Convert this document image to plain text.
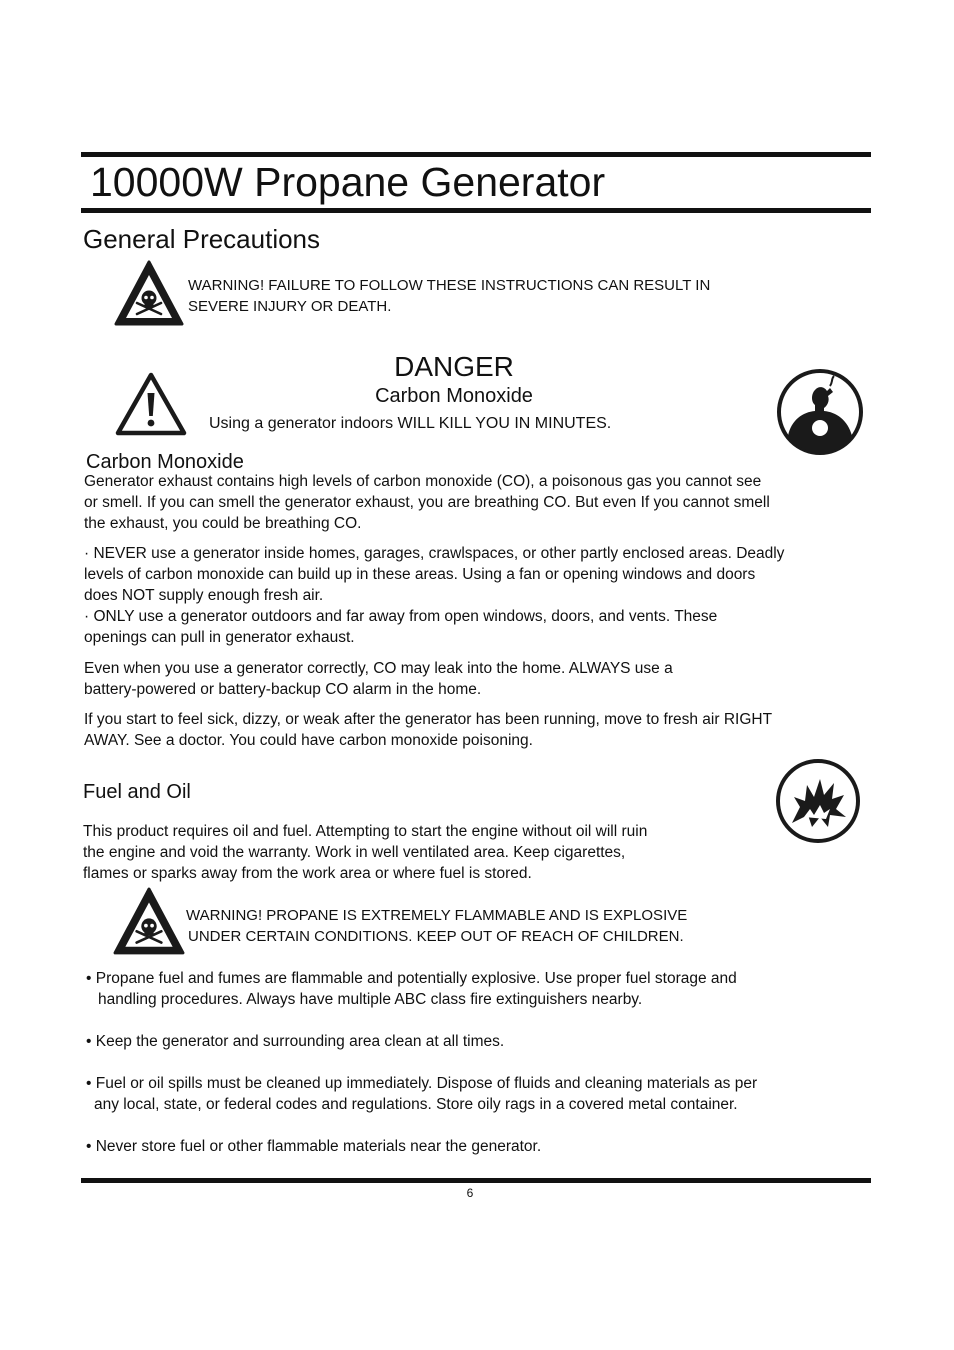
10000W Propane Generator
General Precautions
WARNING! FAILURE TO FOLLOW THESE INSTRUCTIONS CAN RESULT IN
SEVERE INJURY OR DEATH.
DANGER
Carbon Monoxide
Using a generator indoors WILL KILL YOU IN MINUTES.
Carbon Monoxide
Generator exhaust contains high levels of carbon monoxide (CO), a poisonous gas you cannot see
or smell. If you can smell the generator exhaust, you are breathing CO. But even If you cannot smell
the exhaust, you could be breathing CO.
· NEVER use a generator inside homes, garages, crawlspaces, or other partly enclosed areas. Deadly
levels of carbon monoxide can build up in these areas. Using a fan or opening windows and doors
does NOT supply enough fresh air.
· ONLY use a generator outdoors and far away from open windows, doors, and vents. These
openings can pull in generator exhaust.
Even when you use a generator correctly, CO may leak into the home. ALWAYS use a
battery-powered or battery-backup CO alarm in the home.
If you start to feel sick, dizzy, or weak after the generator has been running, move to fresh air RIGHT
AWAY. See a doctor. You could have carbon monoxide poisoning.
Fuel and Oil
This product requires oil and fuel. Attempting to start the engine without oil will ruin
the engine and void the warranty. Work in well ventilated area. Keep cigarettes,
flames or sparks away from the work area or where fuel is stored.
WARNING! PROPANE IS EXTREMELY FLAMMABLE AND IS EXPLOSIVE
UNDER CERTAIN CONDITIONS. KEEP OUT OF REACH OF CHILDREN.
• Propane fuel and fumes are flammable and potentially explosive. Use proper fuel storage and
handling procedures. Always have multiple ABC class fire extinguishers nearby.
• Keep the generator and surrounding area clean at all times.
• Fuel or oil spills must be cleaned up immediately. Dispose of fluids and cleaning materials as per
any local, state, or federal codes and regulations. Store oily rags in a covered metal container.
• Never store fuel or other flammable materials near the generator.
6
